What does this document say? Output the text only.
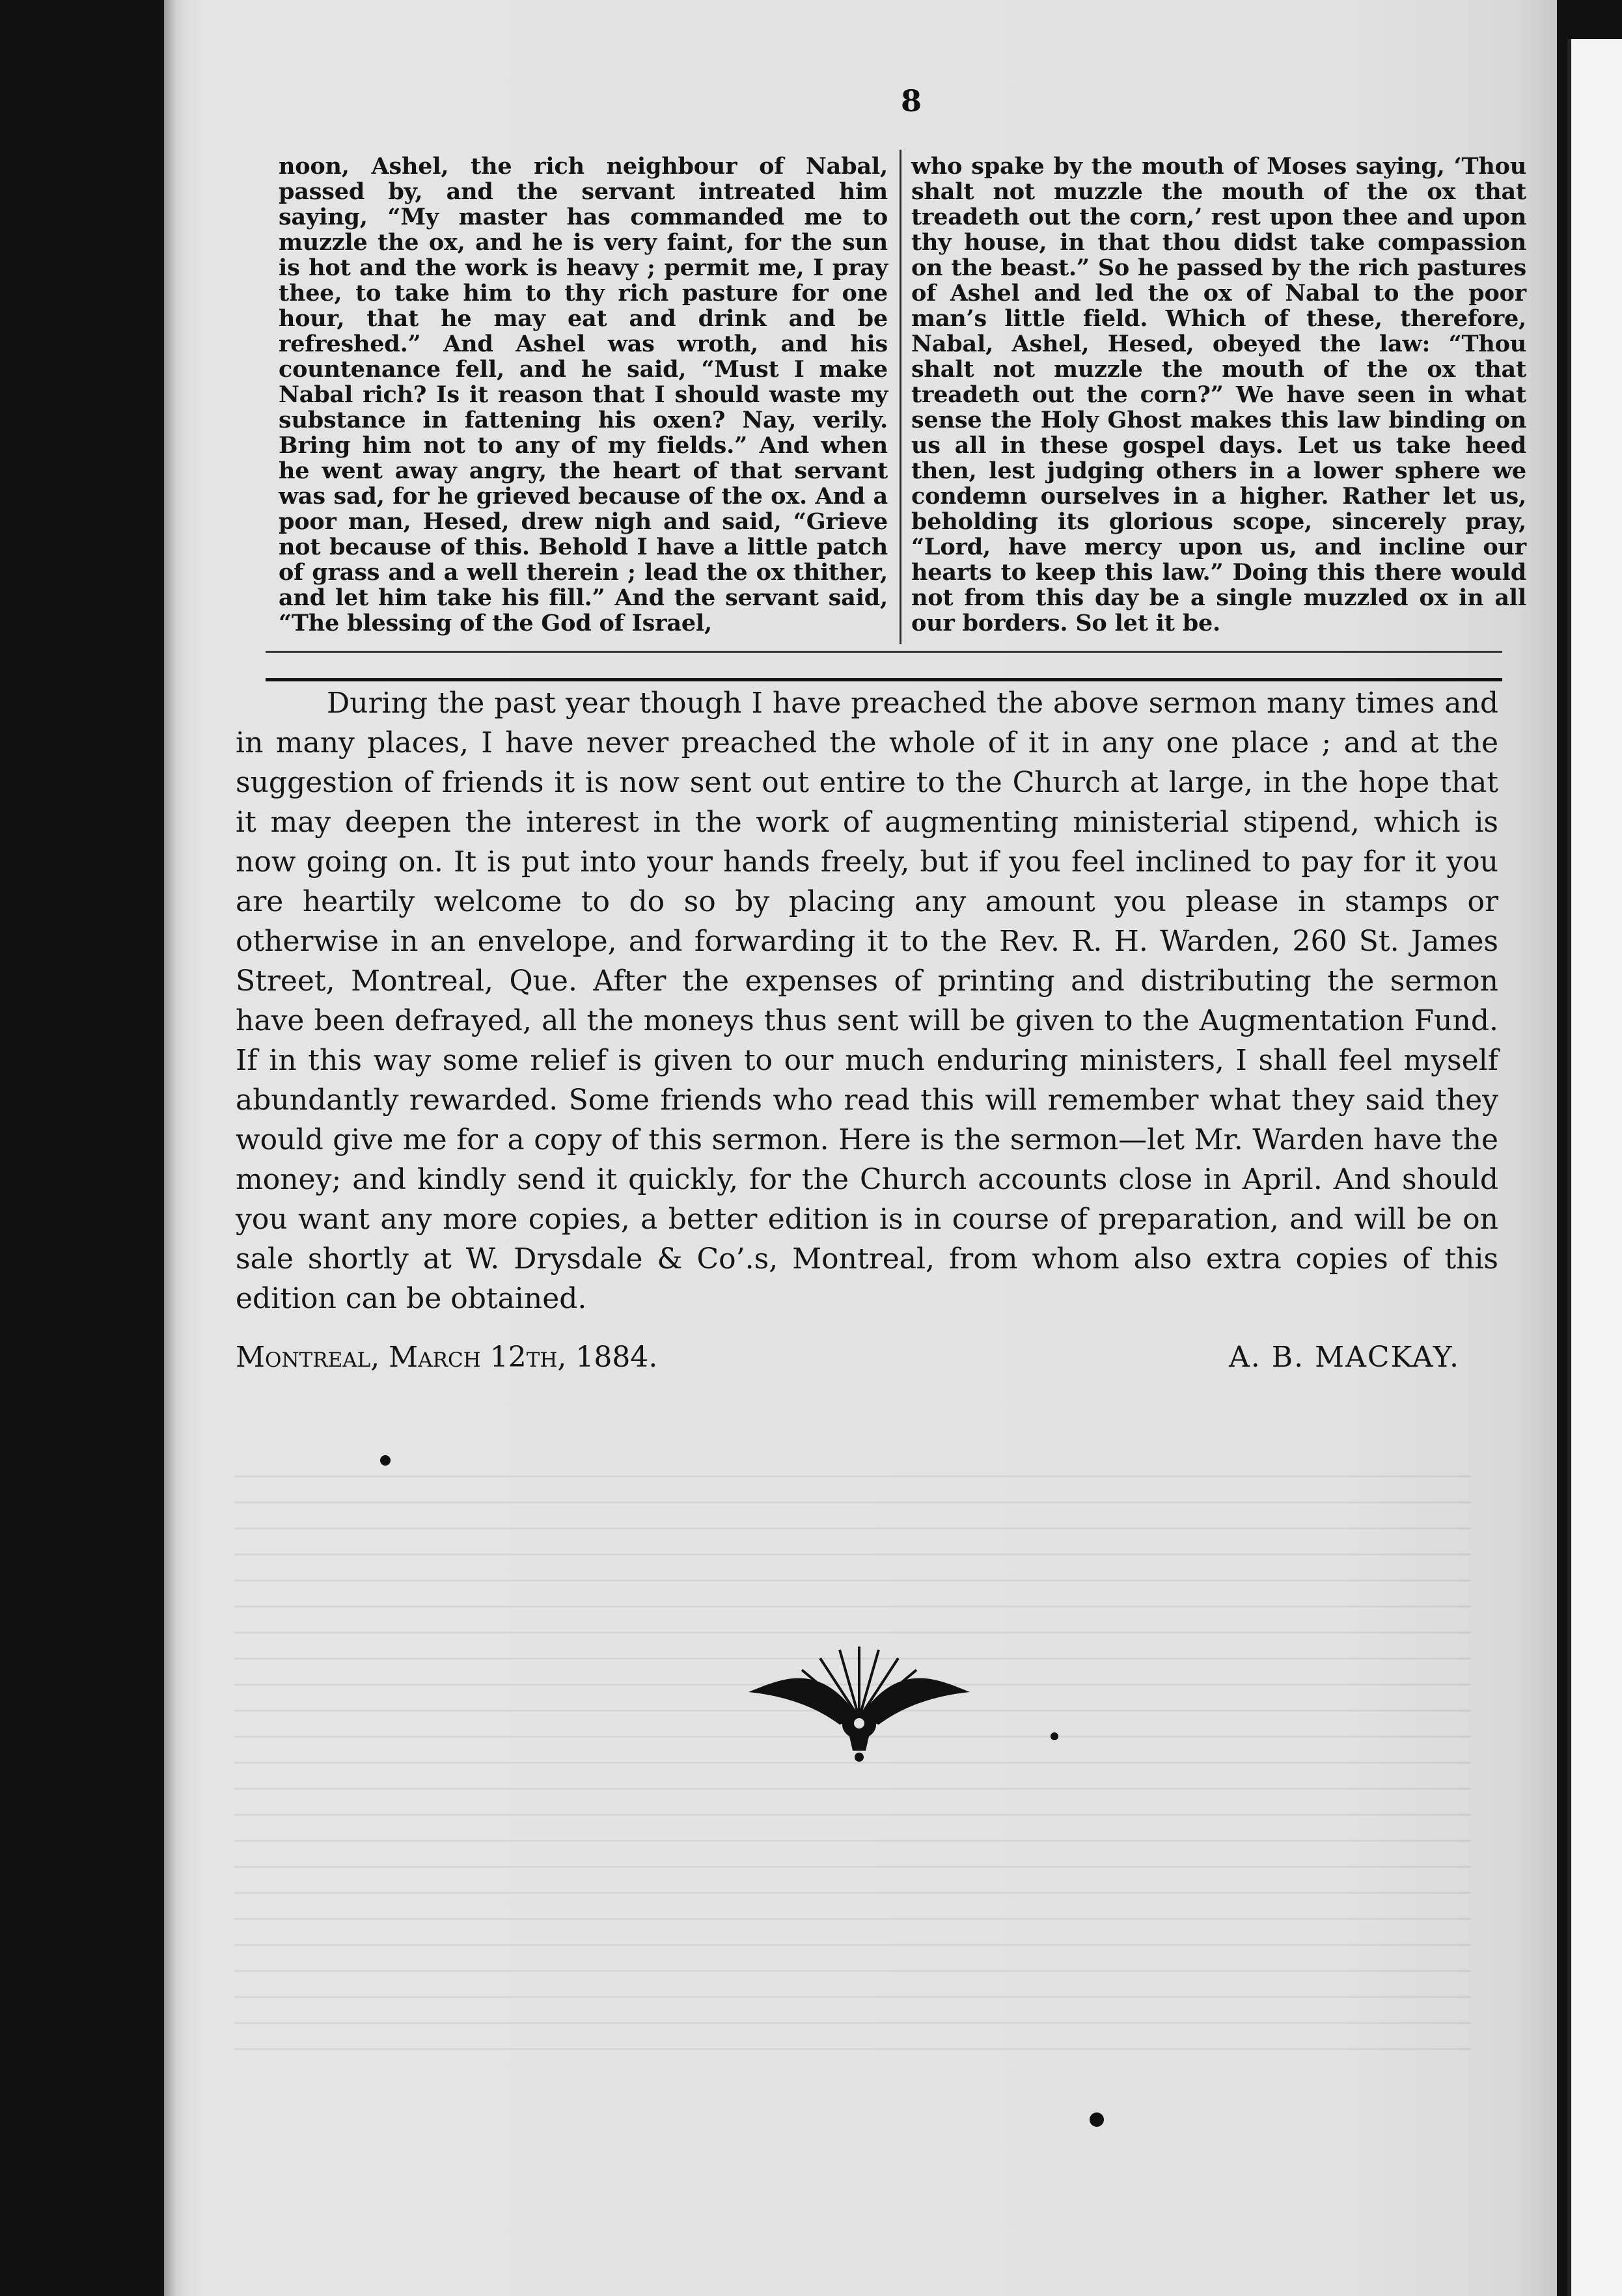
8

noon, Ashel, the rich neighbour of Nabal, passed by, and the servant intreated him saying, “My master has commanded me to muzzle the ox, and he is very faint, for the sun is hot and the work is heavy ; permit me, I pray thee, to take him to thy rich pasture for one hour, that he may eat and drink and be refreshed.” And Ashel was wroth, and his countenance fell, and he said, “Must I make Nabal rich? Is it reason that I should waste my substance in fattening his oxen? Nay, verily. Bring him not to any of my fields.” And when he went away angry, the heart of that servant was sad, for he grieved because of the ox. And a poor man, Hesed, drew nigh and said, “Grieve not because of this. Behold I have a little patch of grass and a well therein ; lead the ox thither, and let him take his fill.” And the servant said, “The blessing of the God of Israel,

who spake by the mouth of Moses saying, ‘Thou shalt not muzzle the mouth of the ox that treadeth out the corn,’ rest upon thee and upon thy house, in that thou didst take compassion on the beast.” So he passed by the rich pastures of Ashel and led the ox of Nabal to the poor man’s little field. Which of these, therefore, Nabal, Ashel, Hesed, obeyed the law: “Thou shalt not muzzle the mouth of the ox that treadeth out the corn?” We have seen in what sense the Holy Ghost makes this law binding on us all in these gospel days. Let us take heed then, lest judging others in a lower sphere we condemn ourselves in a higher. Rather let us, beholding its glorious scope, sincerely pray, “Lord, have mercy upon us, and incline our hearts to keep this law.” Doing this there would not from this day be a single muzzled ox in all our borders. So let it be.

During the past year though I have preached the above sermon many times and in many places, I have never preached the whole of it in any one place ; and at the suggestion of friends it is now sent out entire to the Church at large, in the hope that it may deepen the interest in the work of augmenting ministerial stipend, which is now going on. It is put into your hands freely, but if you feel inclined to pay for it you are heartily welcome to do so by placing any amount you please in stamps or otherwise in an envelope, and forwarding it to the Rev. R. H. Warden, 260 St. James Street, Montreal, Que. After the expenses of printing and distributing the sermon have been defrayed, all the moneys thus sent will be given to the Augmentation Fund. If in this way some relief is given to our much enduring ministers, I shall feel myself abundantly rewarded. Some friends who read this will remember what they said they would give me for a copy of this sermon. Here is the sermon—let Mr. Warden have the money; and kindly send it quickly, for the Church accounts close in April. And should you want any more copies, a better edition is in course of preparation, and will be on sale shortly at W. Drysdale & Co’.s, Montreal, from whom also extra copies of this edition can be obtained.

Montreal, March 12th, 1884.	A. B. MACKAY.
